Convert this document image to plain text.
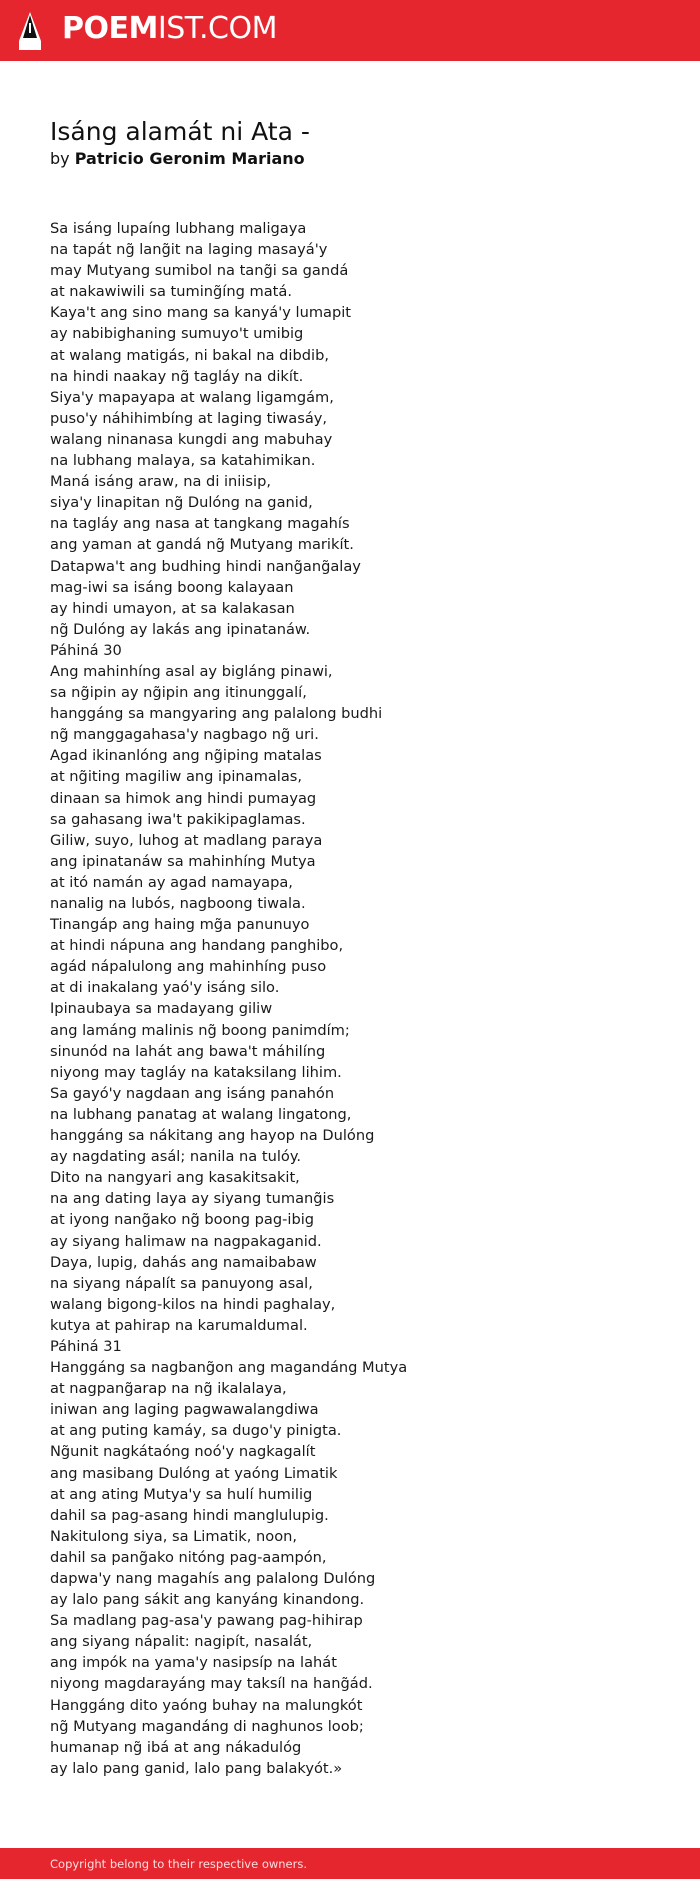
POEMIST.COM
Isáng alamát ni Ata -
by Patricio Geronim Mariano
Sa isáng lupaíng lubhang maligaya
na tapát ng̃ lang̃it na laging masayá'y
may Mutyang sumibol na tang̃i sa gandá
at nakawiwili sa tuming̃íng matá.
Kaya't ang sino mang sa kanyá'y lumapit
ay nabibighaning sumuyo't umibig
at walang matigás, ni bakal na dibdib,
na hindi naakay ng̃ tagláy na dikít.
Siya'y mapayapa at walang ligamgám,
puso'y náhihimbíng at laging tiwasáy,
walang ninanasa kungdi ang mabuhay
na lubhang malaya, sa katahimikan.
Maná isáng araw, na di iniisip,
siya'y linapitan ng̃ Dulóng na ganid,
na tagláy ang nasa at tangkang magahís
ang yaman at gandá ng̃ Mutyang marikít.
Datapwa't ang budhing hindi nang̃ang̃alay
mag-iwi sa isáng boong kalayaan
ay hindi umayon, at sa kalakasan
ng̃ Dulóng ay lakás ang ipinatanáw.
Páhiná 30
Ang mahinhíng asal ay bigláng pinawi,
sa ng̃ipin ay ng̃ipin ang itinunggalí,
hanggáng sa mangyaring ang palalong budhi
ng̃ manggagahasa'y nagbago ng̃ uri.
Agad ikinanlóng ang ng̃iping matalas
at ng̃iting magiliw ang ipinamalas,
dinaan sa himok ang hindi pumayag
sa gahasang iwa't pakikipaglamas.
Giliw, suyo, luhog at madlang paraya
ang ipinatanáw sa mahinhíng Mutya
at itó namán ay agad namayapa,
nanalig na lubós, nagboong tiwala.
Tinangáp ang haing mg̃a panunuyo
at hindi nápuna ang handang panghibo,
agád nápalulong ang mahinhíng puso
at di inakalang yaó'y isáng silo.
Ipinaubaya sa madayang giliw
ang lamáng malinis ng̃ boong panimdím;
sinunód na lahát ang bawa't máhilíng
niyong may tagláy na kataksilang lihim.
Sa gayó'y nagdaan ang isáng panahón
na lubhang panatag at walang lingatong,
hanggáng sa nákitang ang hayop na Dulóng
ay nagdating asál; nanila na tulóy.
Dito na nangyari ang kasakitsakit,
na ang dating laya ay siyang tumang̃is
at iyong nang̃ako ng̃ boong pag-ibig
ay siyang halimaw na nagpakaganid.
Daya, lupig, dahás ang namaibabaw
na siyang nápalít sa panuyong asal,
walang bigong-kilos na hindi paghalay,
kutya at pahirap na karumaldumal.
Páhiná 31
Hanggáng sa nagbang̃on ang magandáng Mutya
at nagpang̃arap na ng̃ ikalalaya,
iniwan ang laging pagwawalangdiwa
at ang puting kamáy, sa dugo'y pinigta.
Ng̃unit nagkátaóng noó'y nagkagalít
ang masibang Dulóng at yaóng Limatik
at ang ating Mutya'y sa hulí humilig
dahil sa pag-asang hindi manglulupig.
Nakitulong siya, sa Limatik, noon,
dahil sa pang̃ako nitóng pag-aampón,
dapwa'y nang magahís ang palalong Dulóng
ay lalo pang sákit ang kanyáng kinandong.
Sa madlang pag-asa'y pawang pag-hihirap
ang siyang nápalit: nagipít, nasalát,
ang impók na yama'y nasipsíp na lahát
niyong magdarayáng may taksíl na hang̃ád.
Hanggáng dito yaóng buhay na malungkót
ng̃ Mutyang magandáng di naghunos loob;
humanap ng̃ ibá at ang nákadulóg
ay lalo pang ganid, lalo pang balakyót.»
Copyright belong to their respective owners.
